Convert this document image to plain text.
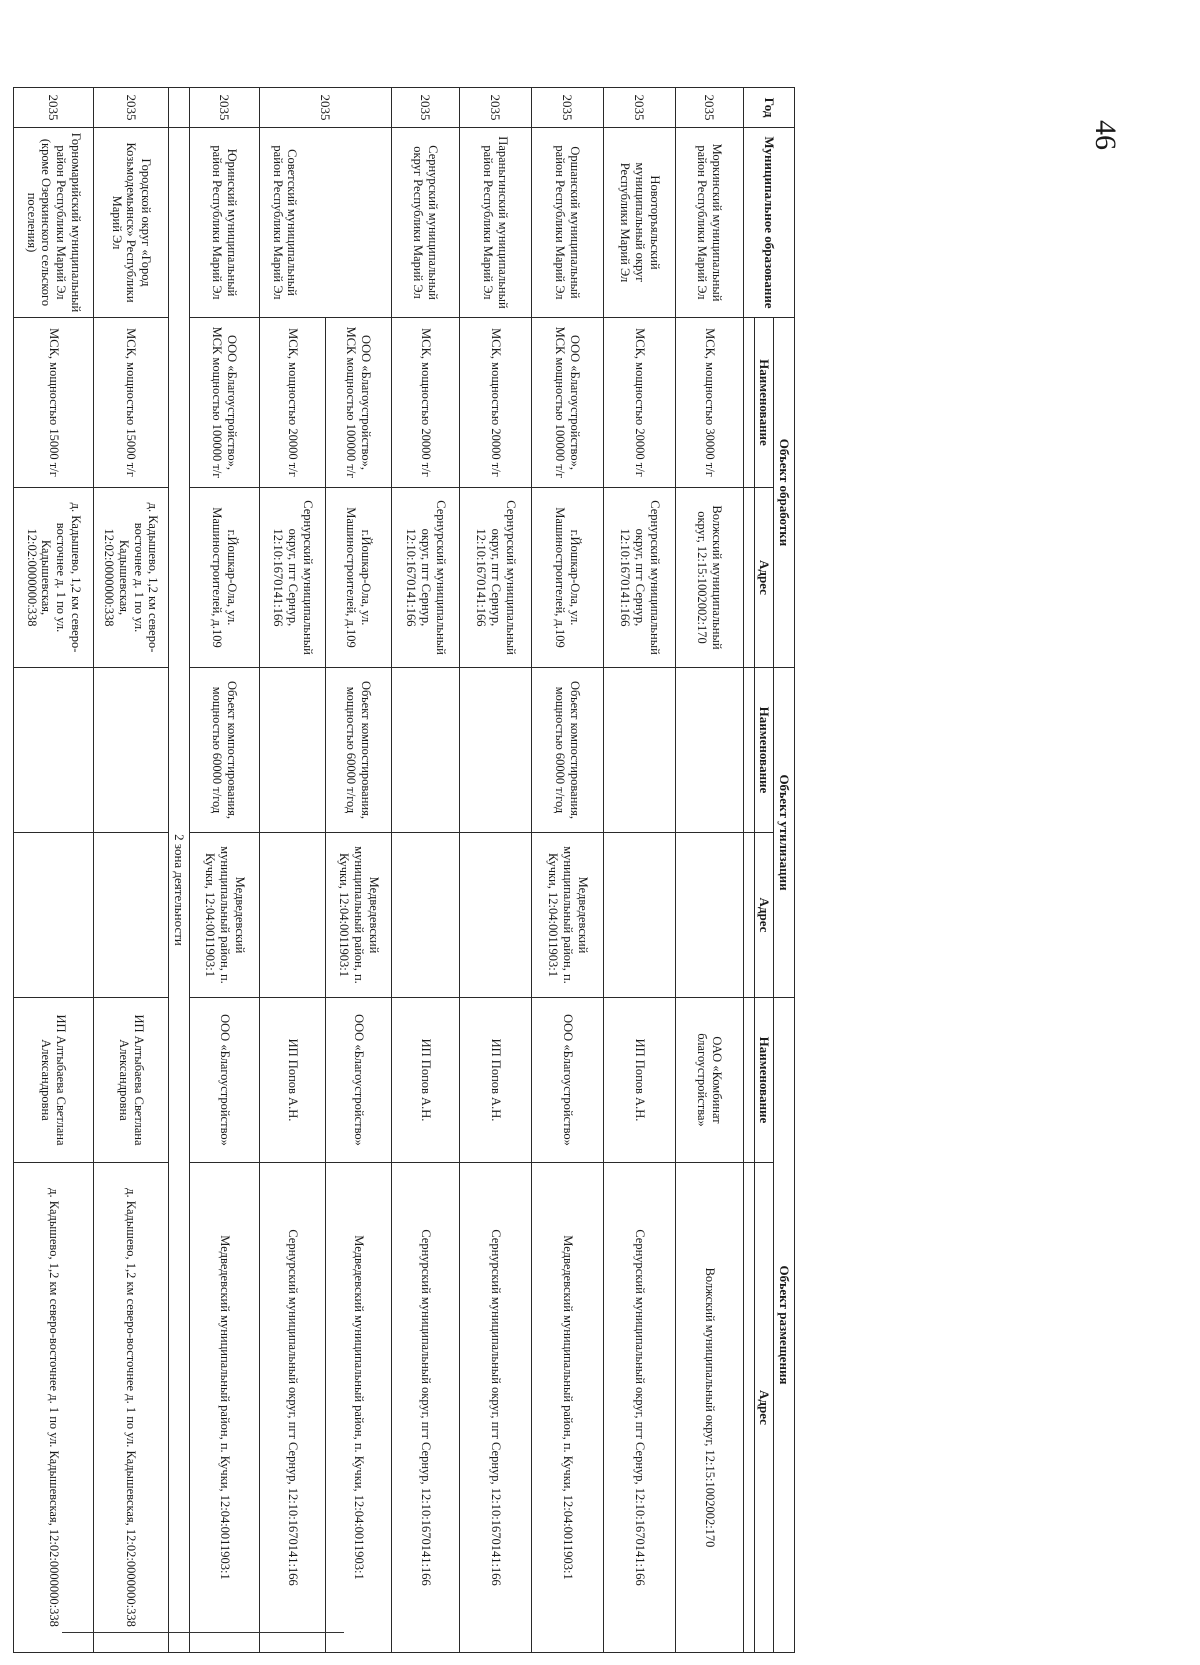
46
Год	Муниципальное образование	Объект обработки		Объект утилизации		Объект размещения	
		Наименование	Адрес	Наименование	Адрес	Наименование	Адрес

2035	Моркинский муниципальный район Республики Марий Эл	МСК, мощностью 30000 т/г	Волжский муниципальный округ, 12:15:1002002:170			ОАО «Комбинат благоустройства»	Волжский муниципальный округ, 12:15:1002002:170
2035	Новоторъяльский муниципальный округ Республики Марий Эл	МСК, мощностью 20000 т/г	Сернурский муниципальный округ, пгт Сернур, 12:10:1670141:166			ИП Попов А.Н.	Сернурский муниципальный округ, пгт Сернур, 12:10:1670141:166
2035	Оршанский муниципальный район Республики Марий Эл	ООО «Благоустройство», МСК мощностью 100000 т/г	г.Йошкар-Ола, ул. Машиностроителей, д.109	Объект компостирования, мощностью 60000 т/год	Медведевский муниципальный район, п. Кучки, 12:04:0011903:1	ООО «Благоустройство»	Медведевский муниципальный район, п. Кучки, 12:04:0011903:1
2035	Параньгинский муниципальный район Республики Марий Эл	МСК, мощностью 20000 т/г	Сернурский муниципальный округ, пгт Сернур, 12:10:1670141:166			ИП Попов А.Н.	Сернурский муниципальный округ, пгт Сернур, 12:10:1670141:166
2035	Сернурский муниципальный округ Республики Марий Эл	МСК, мощностью 20000 т/г	Сернурский муниципальный округ, пгт Сернур, 12:10:1670141:166			ИП Попов А.Н.	Сернурский муниципальный округ, пгт Сернур, 12:10:1670141:166
2035	Советский муниципальный район Республики Марий Эл	ООО «Благоустройство», МСК мощностью 100000 т/г	г.Йошкар-Ола, ул. Машиностроителей, д.109	Объект компостирования, мощностью 60000 т/год	Медведевский муниципальный район, п. Кучки, 12:04:0011903:1	ООО «Благоустройство»	Медведевский муниципальный район, п. Кучки, 12:04:0011903:1
		МСК, мощностью 20000 т/г	Сернурский муниципальный округ, пгт Сернур, 12:10:1670141:166			ИП Попов А.Н.	Сернурский муниципальный округ, пгт Сернур, 12:10:1670141:166
2035	Юринский муниципальный район Республики Марий Эл	ООО «Благоустройство», МСК мощностью 100000 т/г	г.Йошкар-Ола, ул. Машиностроителей, д.109	Объект компостирования, мощностью 60000 т/год	Медведевский муниципальный район, п. Кучки, 12:04:0011903:1	ООО «Благоустройство»	Медведевский муниципальный район, п. Кучки, 12:04:0011903:1
	2 зона деятельности						
2035	Городской округ «Город Козьмодемьянск» Республики Марий Эл	МСК, мощностью 15000 т/г	д. Кадышево, 1,2 км северо-восточнее д. 1 по ул. Кадышевская, 12:02:0000000:338			ИП Алтыбаева Светлана Александровна	д. Кадышево, 1,2 км северо-восточнее д. 1 по ул. Кадышевская, 12:02:0000000:338
2035	Горномарийский муниципальный район Республики Марий Эл (кроме Озеркинского сельского поселения)	МСК, мощностью 15000 т/г	д. Кадышево, 1,2 км северо-восточнее д. 1 по ул. Кадышевская, 12:02:0000000:338			ИП Алтыбаева Светлана Александровна	д. Кадышево, 1,2 км северо-восточнее д. 1 по ул. Кадышевская, 12:02:0000000:338
